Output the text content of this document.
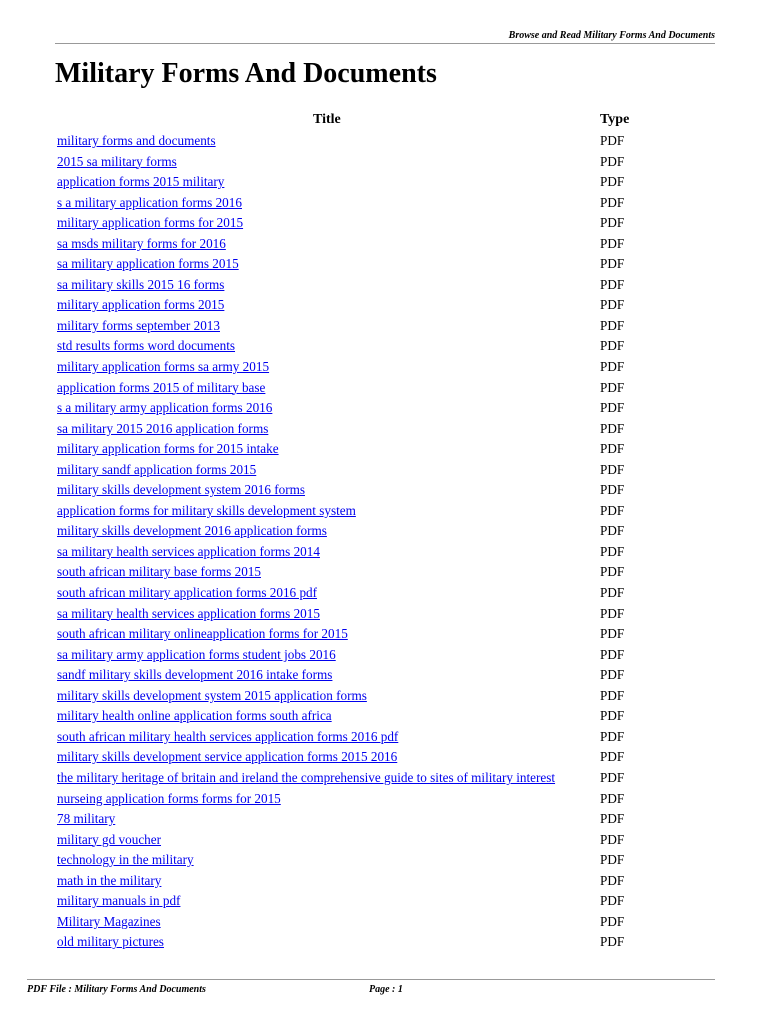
Browse and Read Military Forms And Documents
Military Forms And Documents
Title	Type
military forms and documents	PDF
2015 sa military forms	PDF
application forms 2015 military	PDF
s a military application forms 2016	PDF
military application forms for 2015	PDF
sa msds military forms for 2016	PDF
sa military application forms 2015	PDF
sa military skills 2015 16 forms	PDF
military application forms 2015	PDF
military forms september 2013	PDF
std results forms word documents	PDF
military application forms sa army 2015	PDF
application forms 2015 of military base	PDF
s a military army application forms 2016	PDF
sa military 2015 2016 application forms	PDF
military application forms for 2015 intake	PDF
military sandf application forms 2015	PDF
military skills development system 2016 forms	PDF
application forms for military skills development system	PDF
military skills development 2016 application forms	PDF
sa military health services application forms 2014	PDF
south african military base forms 2015	PDF
south african military application forms 2016 pdf	PDF
sa military health services application forms 2015	PDF
south african military onlineapplication forms for 2015	PDF
sa military army application forms student jobs 2016	PDF
sandf military skills development 2016 intake forms	PDF
military skills development system 2015 application forms	PDF
military health online application forms south africa	PDF
south african military health services application forms 2016 pdf	PDF
military skills development service application forms 2015 2016	PDF
the military heritage of britain and ireland the comprehensive guide to sites of military interest	PDF
nurseing application forms forms for 2015	PDF
78 military	PDF
military gd voucher	PDF
technology in the military	PDF
math in the military	PDF
military manuals in pdf	PDF
Military Magazines	PDF
old military pictures	PDF
PDF File : Military Forms And Documents	Page : 1
